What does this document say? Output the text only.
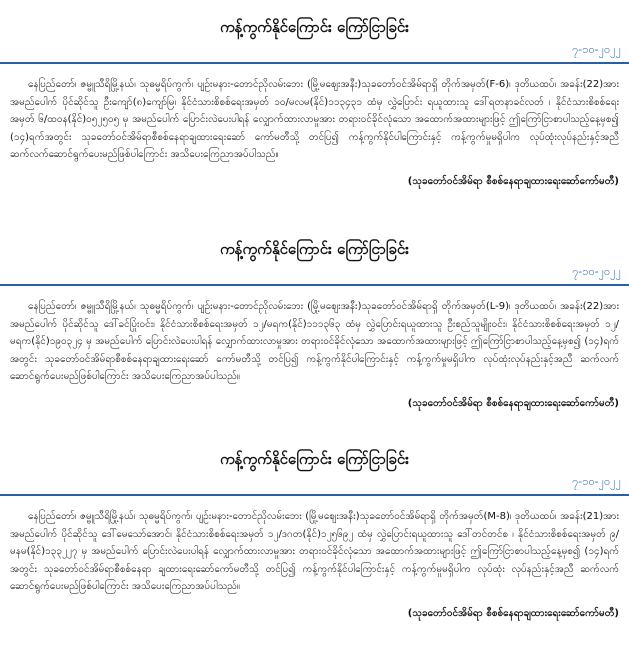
ကန့်ကွက်နိုင်ကြောင်း ကြော်ငြာခြင်း
၇-၁၀-၂၀၂၂

နေပြည်တော်၊ ဇမ္ဗူသီရိမြို့နယ်၊ သုဓမ္မရိပ်ကွက်၊ ပျဉ်းမနား-တောင်ညိုလမ်းဘေး (မြို့မဈေးအနီး)သုခတော်ဝင်အိမ်ရာရှိ တိုက်အမှတ်(F-6)၊ ဒုတိယထပ်၊ အခန်း(22)အား အမည်ပေါက် ပိုင်ဆိုင်သူ ဦးကျော်(၈)ကျော်မြ၊ နိုင်ငံသားစိစစ်ရေးအမှတ် ၁၀/မလမ(နိုင်)၁၁၃၄၃၁ ထံမှ လွှဲပြောင်း ရယူထားသူ ဒေါ်ရတနာခင်လတ် ၊ နိုင်ငံသားစိစစ်ရေးအမှတ် ၆/ထဝန(နိုင်)၀၅၂၅၀၅ မှ အမည်ပေါက် ပြောင်းလဲပေးပါရန် လျှောက်ထားလာမှုအား တရားဝင်ခိုင်လုံသော အထောက်အထားများဖြင့် ဤကြော်ငြာစာပါသည့်နေ့မှစ၍ (၁၄)ရက်အတွင်း သုခတော်ဝင်အိမ်ရာစီစစ်နေရာချထားရေးဆော် ကော်မတီသို့ တင်ပြ၍ ကန့်ကွက်နိုင်ပါကြောင်းနှင့် ကန့်ကွက်မှုမရှိပါက လုပ်ထုံးလုပ်နည်းနှင့်အညီ ဆက်လက်ဆောင်ရွက်ပေးမည်ဖြစ်ပါကြောင်း အသိပေးကြေညာအပ်ပါသည်။

(သုခတော်ဝင်အိမ်ရာ စီစစ်နေရာချထားရေးဆော်ကော်မတီ)
ကန့်ကွက်နိုင်ကြောင်း ကြော်ငြာခြင်း
၇-၁၀-၂၀၂၂

နေပြည်တော်၊ ဇမ္ဗူသီရိမြို့နယ်၊ သုဓမ္မရိပ်ကွက်၊ ပျဉ်းမနား-တောင်ညိုလမ်းဘေး (မြို့မဈေးအနီး)သုခတော်ဝင်အိမ်ရာရှိ တိုက်အမှတ်(L-9)၊ ဒုတိယထပ်၊ အခန်း(22)အား အမည်ပေါက် ပိုင်ဆိုင်သူ ဒေါ်ခင်ပြုံးဝင်း၊ နိုင်ငံသားစိစစ်ရေးအမှတ် ၁၂/မရက(နိုင်)၁၁၁၃၆၃ ထံမှ လွှဲပြောင်းရယူထားသူ ဦးစည်သူမျိုးဝင်း၊ နိုင်ငံသားစိစစ်ရေးအမှတ် ၁၂/မရက(နိုင်)၁၉၀၃၂၄ မှ အမည်ပေါက် ပြောင်းလဲပေးပါရန် လျှောက်ထားလာမှုအား တရားဝင်ခိုင်လုံသော အထောက်အထားများဖြင့် ဤကြော်ငြာစာပါသည့်နေ့မှစ၍ (၁၄)ရက်အတွင်း သုခတော်ဝင်အိမ်ရာစီစစ်နေရာချထားရေးဆော် ကော်မတီသို့ တင်ပြ၍ ကန့်ကွက်နိုင်ပါကြောင်းနှင့် ကန့်ကွက်မှုမရှိပါက လုပ်ထုံးလုပ်နည်းနှင့်အညီ ဆက်လက်ဆောင်ရွက်ပေးမည်ဖြစ်ပါကြောင်း အသိပေးကြေညာအပ်ပါသည်။

(သုခတော်ဝင်အိမ်ရာ စီစစ်နေရာချထားရေးဆော်ကော်မတီ)
ကန့်ကွက်နိုင်ကြောင်း ကြော်ငြာခြင်း
၇-၁၀-၂၀၂၂

နေပြည်တော်၊ ဇမ္ဗူသီရိမြို့နယ်၊ သုဓမ္မရိပ်ကွက်၊ ပျဉ်းမနား-တောင်ညိုလမ်းဘေး (မြို့မဈေးအနီး)သုခတော်ဝင်အိမ်ရာရှိ တိုက်အမှတ်(M-8)၊ ဒုတိယထပ်၊ အခန်း(21)အား အမည်ပေါက် ပိုင်ဆိုင်သူ ဒေါ်မေသော်အောင်၊ နိုင်ငံသားစိစစ်ရေးအမှတ် ၁၂/ဒဂတ(နိုင်)၁၂၅၆၉၂ ထံမှ လွှဲပြောင်းရယူထားသူ ဒေါ်တင်တင်စ ၊ နိုင်ငံသားစိစစ်ရေးအမှတ် ၉/မနမ(နိုင်)၁၃၃၂၂၇ မှ အမည်ပေါက် ပြောင်းလဲပေးပါရန် လျှောက်ထားလာမှုအား တရားဝင်ခိုင်လုံသော အထောက်အထားများဖြင့် ဤကြော်ငြာစာပါသည့်နေ့မှစ၍ (၁၄)ရက်အတွင်း သုခတော်ဝင်အိမ်ရာစီစစ်နေရာ ချထားရေးဆော်ကော်မတီသို့ တင်ပြ၍ ကန့်ကွက်နိုင်ပါကြောင်းနှင့် ကန့်ကွက်မှုမရှိပါက လုပ်ထုံး လုပ်နည်းနှင့်အညီ ဆက်လက်ဆောင်ရွက်ပေးမည်ဖြစ်ပါကြောင်း အသိပေးကြေညာအပ်ပါသည်။

(သုခတော်ဝင်အိမ်ရာ စီစစ်နေရာချထားရေးဆော်ကော်မတီ)
